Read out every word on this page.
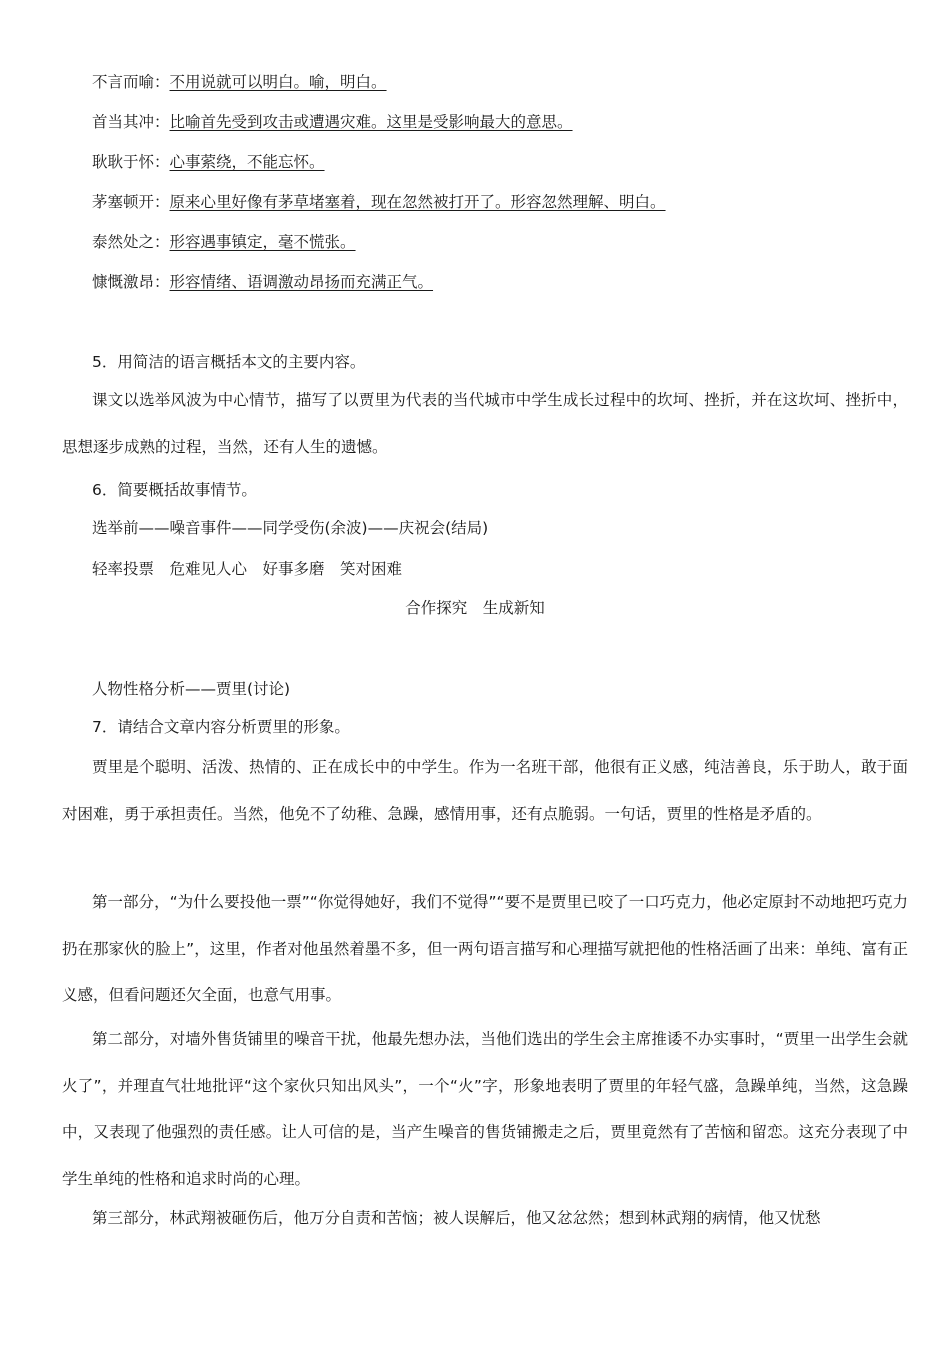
不言而喻：不用说就可以明白。喻，明白。
首当其冲：比喻首先受到攻击或遭遇灾难。这里是受影响最大的意思。
耿耿于怀：心事萦绕，不能忘怀。
茅塞顿开：原来心里好像有茅草堵塞着，现在忽然被打开了。形容忽然理解、明白。
泰然处之：形容遇事镇定，毫不慌张。
慷慨激昂：形容情绪、语调激动昂扬而充满正气。
5．用简洁的语言概括本文的主要内容。

课文以选举风波为中心情节，描写了以贾里为代表的当代城市中学生成长过程中的坎坷、挫折，并在这坎坷、挫折中，思想逐步成熟的过程，当然，还有人生的遗憾。

6．简要概括故事情节。
选举前——噪音事件——同学受伤(余波)——庆祝会(结局)
轻率投票　危难见人心　好事多磨　笑对困难
合作探究　生成新知
人物性格分析——贾里(讨论)
7．请结合文章内容分析贾里的形象。

贾里是个聪明、活泼、热情的、正在成长中的中学生。作为一名班干部，他很有正义感，纯洁善良，乐于助人，敢于面对困难，勇于承担责任。当然，他免不了幼稚、急躁，感情用事，还有点脆弱。一句话，贾里的性格是矛盾的。

第一部分，“为什么要投他一票”“你觉得她好，我们不觉得”“要不是贾里已咬了一口巧克力，他必定原封不动地把巧克力扔在那家伙的脸上”，这里，作者对他虽然着墨不多，但一两句语言描写和心理描写就把他的性格活画了出来：单纯、富有正义感，但看问题还欠全面，也意气用事。

第二部分，对墙外售货铺里的噪音干扰，他最先想办法，当他们选出的学生会主席推诿不办实事时，“贾里一出学生会就火了”，并理直气壮地批评“这个家伙只知出风头”，一个“火”字，形象地表明了贾里的年轻气盛，急躁单纯，当然，这急躁中，又表现了他强烈的责任感。让人可信的是，当产生噪音的售货铺搬走之后，贾里竟然有了苦恼和留恋。这充分表现了中学生单纯的性格和追求时尚的心理。

第三部分，林武翔被砸伤后，他万分自责和苦恼；被人误解后，他又忿忿然；想到林武翔的病情，他又忧愁
